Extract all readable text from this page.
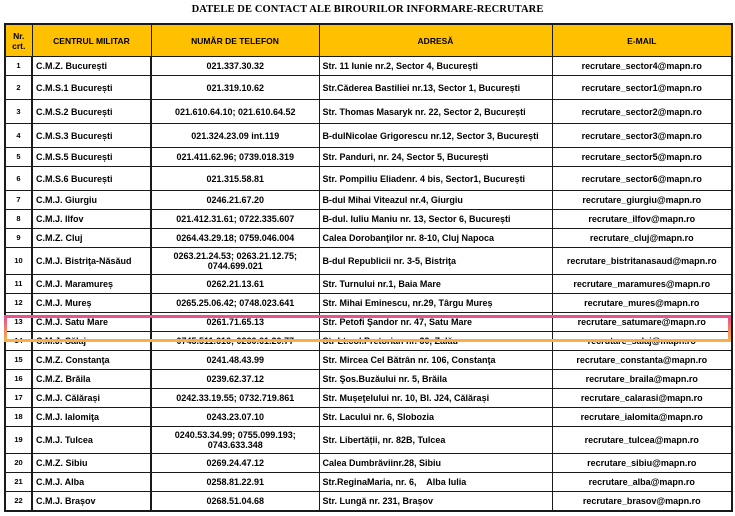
DATELE DE CONTACT ALE BIROURILOR INFORMARE-RECRUTARE
Nr.
crt.	CENTRUL MILITAR	NUMĂR DE TELEFON	ADRESĂ	E-MAIL
1	C.M.Z. București	021.337.30.32	Str. 11 Iunie nr.2, Sector 4, București	recrutare_sector4@mapn.ro
2	C.M.S.1 București	021.319.10.62	Str.Căderea Bastiliei nr.13, Sector 1, București	recrutare_sector1@mapn.ro
3	C.M.S.2 București	021.610.64.10; 021.610.64.52	Str. Thomas Masaryk nr. 22, Sector 2, București	recrutare_sector2@mapn.ro
4	C.M.S.3 București	021.324.23.09 int.119	B-dulNicolae Grigorescu nr.12, Sector 3, București	recrutare_sector3@mapn.ro
5	C.M.S.5 București	021.411.62.96; 0739.018.319	Str. Panduri, nr. 24, Sector 5, București	recrutare_sector5@mapn.ro
6	C.M.S.6 București	021.315.58.81	Str. Pompiliu Eliadenr. 4 bis, Sector1, București	recrutare_sector6@mapn.ro
7	C.M.J. Giurgiu	0246.21.67.20	B-dul Mihai Viteazul nr.4, Giurgiu	recrutare_giurgiu@mapn.ro
8	C.M.J. Ilfov	021.412.31.61; 0722.335.607	B-dul. Iuliu Maniu nr. 13, Sector 6, București	recrutare_ilfov@mapn.ro
9	C.M.Z. Cluj	0264.43.29.18; 0759.046.004	Calea Dorobanţilor nr. 8-10, Cluj Napoca	recrutare_cluj@mapn.ro
10	C.M.J. Bistriţa-Năsăud	0263.21.24.53; 0263.21.12.75; 0744.699.021	B-dul Republicii nr. 3-5, Bistriţa	recrutare_bistritanasaud@mapn.ro
11	C.M.J. Maramureș	0262.21.13.61	Str. Turnului nr.1, Baia Mare	recrutare_maramures@mapn.ro
12	C.M.J. Mureș	0265.25.06.42; 0748.023.641	Str. Mihai Eminescu, nr.29, Târgu Mureș	recrutare_mures@mapn.ro
13	C.M.J. Satu Mare	0261.71.65.13	Str. Petofi Şandor nr. 47, Satu Mare	recrutare_satumare@mapn.ro
14	C.M.J. Sălaj	0745.511.616; 0260.61.20.77	Str Lt.col.Pretorian nr. 30, Zalău	recrutare_salaj@mapn.ro
15	C.M.Z. Constanţa	0241.48.43.99	Str. Mircea Cel Bătrân nr. 106, Constanţa	recrutare_constanta@mapn.ro
16	C.M.Z. Brăila	0239.62.37.12	Str. Şos.Buzăului nr. 5, Brăila	recrutare_braila@mapn.ro
17	C.M.J. Călărași	0242.33.19.55; 0732.719.861	Str. Mușeţelului nr. 10, Bl. J24, Călărași	recrutare_calarasi@mapn.ro
18	C.M.J. Ialomiţa	0243.23.07.10	Str. Lacului nr. 6, Slobozia	recrutare_ialomita@mapn.ro
19	C.M.J. Tulcea	0240.53.34.99; 0755.099.193; 0743.633.348	Str. Libertății, nr. 82B, Tulcea	recrutare_tulcea@mapn.ro
20	C.M.Z. Sibiu	0269.24.47.12	Calea Dumbrăviinr.28, Sibiu	recrutare_sibiu@mapn.ro
21	C.M.J. Alba	0258.81.22.91	Str.ReginaMaria, nr. 6,    Alba Iulia	recrutare_alba@mapn.ro
22	C.M.J. Brașov	0268.51.04.68	Str. Lungă nr. 231, Brașov	recrutare_brasov@mapn.ro
